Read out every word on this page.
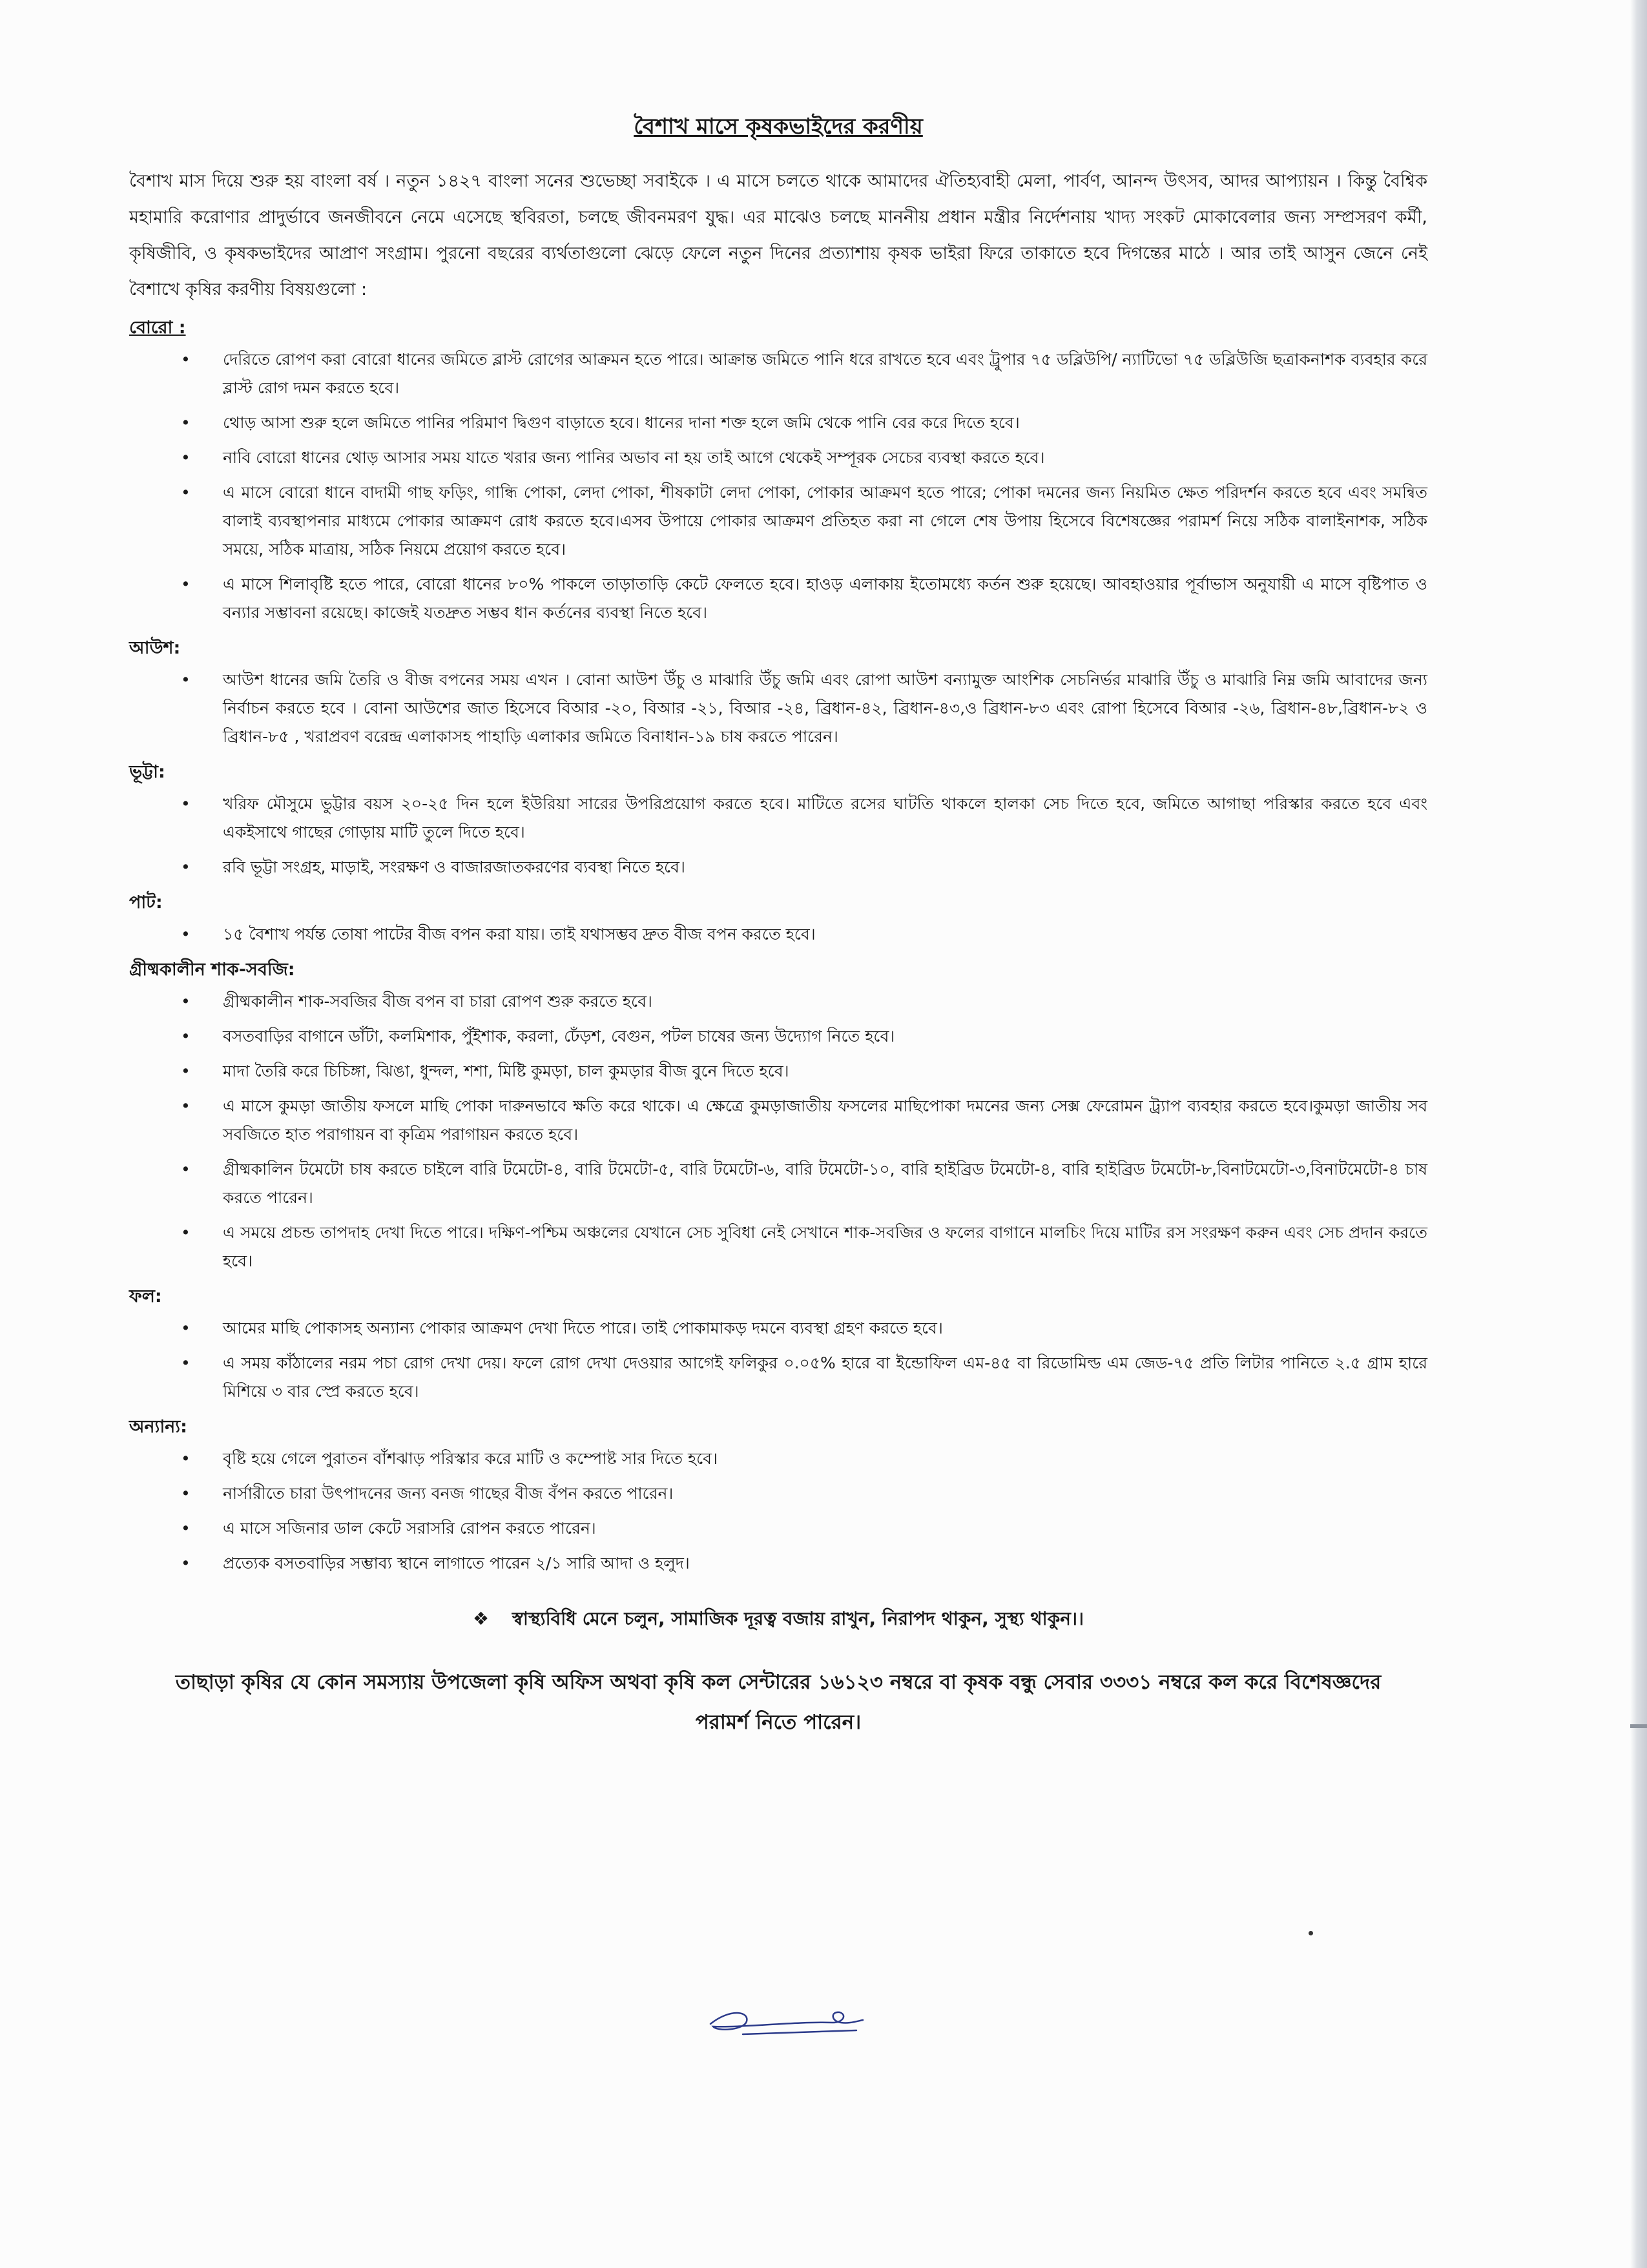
বৈশাখ মাসে কৃষকভাইদের করণীয়

বৈশাখ মাস দিয়ে শুরু হয় বাংলা বর্ষ । নতুন ১৪২৭ বাংলা সনের শুভেচ্ছা সবাইকে । এ মাসে চলতে থাকে আমাদের ঐতিহ্যবাহী মেলা, পার্বণ, আনন্দ উৎসব, আদর আপ্যায়ন । কিন্তু বৈশ্বিক মহামারি করোণার প্রাদুর্ভাবে জনজীবনে নেমে এসেছে স্থবিরতা, চলছে জীবনমরণ যুদ্ধ। এর মাঝেও চলছে মাননীয় প্রধান মন্ত্রীর নির্দেশনায় খাদ্য সংকট মোকাবেলার জন্য সম্প্রসরণ কর্মী, কৃষিজীবি, ও কৃষকভাইদের আপ্রাণ সংগ্রাম। পুরনো বছরের ব্যর্থতাগুলো ঝেড়ে ফেলে নতুন দিনের প্রত্যাশায় কৃষক ভাইরা ফিরে তাকাতে হবে দিগন্তের মাঠে । আর তাই আসুন জেনে নেই বৈশাখে কৃষির করণীয় বিষয়গুলো :

বোরো :

• দেরিতে রোপণ করা বোরো ধানের জমিতে ব্লাস্ট রোগের আক্রমন হতে পারে। আক্রান্ত জমিতে পানি ধরে রাখতে হবে এবং ট্রুপার ৭৫ ডব্লিউপি/ ন্যাটিভো ৭৫ ডব্লিউজি ছত্রাকনাশক ব্যবহার করে ব্লাস্ট রোগ দমন করতে হবে।
• থোড় আসা শুরু হলে জমিতে পানির পরিমাণ দ্বিগুণ বাড়াতে হবে। ধানের দানা শক্ত হলে জমি থেকে পানি বের করে দিতে হবে।
• নাবি বোরো ধানের থোড় আসার সময় যাতে খরার জন্য পানির অভাব না হয় তাই আগে থেকেই সম্পূরক সেচের ব্যবস্থা করতে হবে।
• এ মাসে বোরো ধানে বাদামী গাছ ফড়িং, গান্ধি পোকা, লেদা পোকা, শীষকাটা লেদা পোকা, পোকার আক্রমণ হতে পারে; পোকা দমনের জন্য নিয়মিত ক্ষেত পরিদর্শন করতে হবে এবং সমন্বিত বালাই ব্যবস্থাপনার মাধ্যমে পোকার আক্রমণ রোধ করতে হবে।এসব উপায়ে পোকার আক্রমণ প্রতিহত করা না গেলে শেষ উপায় হিসেবে বিশেষজ্ঞের পরামর্শ নিয়ে সঠিক বালাইনাশক, সঠিক সময়ে, সঠিক মাত্রায়, সঠিক নিয়মে প্রয়োগ করতে হবে।
• এ মাসে শিলাবৃষ্টি হতে পারে, বোরো ধানের ৮০% পাকলে তাড়াতাড়ি কেটে ফেলতে হবে। হাওড় এলাকায় ইতোমধ্যে কর্তন শুরু হয়েছে। আবহাওয়ার পূর্বাভাস অনুযায়ী এ মাসে বৃষ্টিপাত ও বন্যার সম্ভাবনা রয়েছে। কাজেই যতদ্রুত সম্ভব ধান কর্তনের ব্যবস্থা নিতে হবে।

আউশ:

• আউশ ধানের জমি তৈরি ও বীজ বপনের সময় এখন । বোনা আউশ উঁচু ও মাঝারি উঁচু জমি এবং রোপা আউশ বন্যামুক্ত আংশিক সেচনির্ভর মাঝারি উঁচু ও মাঝারি নিম্ন জমি আবাদের জন্য নির্বাচন করতে হবে । বোনা আউশের জাত হিসেবে বিআর -২০, বিআর -২১, বিআর -২৪, ব্রিধান-৪২, ব্রিধান-৪৩,ও ব্রিধান-৮৩ এবং রোপা হিসেবে বিআর -২৬, ব্রিধান-৪৮,ব্রিধান-৮২ ও ব্রিধান-৮৫ , খরাপ্রবণ বরেন্দ্র এলাকাসহ পাহাড়ি এলাকার জমিতে বিনাধান-১৯ চাষ করতে পারেন।

ভূট্টা:

• খরিফ মৌসুমে ভুট্টার বয়স ২০-২৫ দিন হলে ইউরিয়া সারের উপরিপ্রয়োগ করতে হবে। মাটিতে রসের ঘাটতি থাকলে হালকা সেচ দিতে হবে, জমিতে আগাছা পরিস্কার করতে হবে এবং একইসাথে গাছের গোড়ায় মাটি তুলে দিতে হবে।
• রবি ভূট্টা সংগ্রহ, মাড়াই, সংরক্ষণ ও বাজারজাতকরণের ব্যবস্থা নিতে হবে।

পাট:

• ১৫ বৈশাখ পর্যন্ত তোষা পাটের বীজ বপন করা যায়। তাই যথাসম্ভব দ্রুত বীজ বপন করতে হবে।

গ্রীষ্মকালীন শাক-সবজি:

• গ্রীষ্মকালীন শাক-সবজির বীজ বপন বা চারা রোপণ শুরু করতে হবে।
• বসতবাড়ির বাগানে ডাঁটা, কলমিশাক, পুঁইশাক, করলা, ঢেঁড়শ, বেগুন, পটল চাষের জন্য উদ্যোগ নিতে হবে।
• মাদা তৈরি করে চিচিঙ্গা, ঝিঙা, ধুন্দল, শশা, মিষ্টি কুমড়া, চাল কুমড়ার বীজ বুনে দিতে হবে।
• এ মাসে কুমড়া জাতীয় ফসলে মাছি পোকা দারুনভাবে ক্ষতি করে থাকে। এ ক্ষেত্রে কুমড়াজাতীয় ফসলের মাছিপোকা দমনের জন্য সেক্স ফেরোমন ট্র্যাপ ব্যবহার করতে হবে।কুমড়া জাতীয় সব সবজিতে হাত পরাগায়ন বা কৃত্রিম পরাগায়ন করতে হবে।
• গ্রীষ্মকালিন টমেটো চাষ করতে চাইলে বারি টমেটো-৪, বারি টমেটো-৫, বারি টমেটো-৬, বারি টমেটো-১০, বারি হাইব্রিড টমেটো-৪, বারি হাইব্রিড টমেটো-৮,বিনাটমেটো-৩,বিনাটমেটো-৪ চাষ করতে পারেন।
• এ সময়ে প্রচন্ড তাপদাহ দেখা দিতে পারে। দক্ষিণ-পশ্চিম অঞ্চলের যেখানে সেচ সুবিধা নেই সেখানে শাক-সবজির ও ফলের বাগানে মালচিং দিয়ে মাটির রস সংরক্ষণ করুন এবং সেচ প্রদান করতে হবে।

ফল:

• আমের মাছি পোকাসহ অন্যান্য পোকার আক্রমণ দেখা দিতে পারে। তাই পোকামাকড় দমনে ব্যবস্থা গ্রহণ করতে হবে।
• এ সময় কাঁঠালের নরম পচা রোগ দেখা দেয়। ফলে রোগ দেখা দেওয়ার আগেই ফলিকুর ০.০৫% হারে বা ইন্ডোফিল এম-৪৫ বা রিডোমিল্ড এম জেড-৭৫ প্রতি লিটার পানিতে ২.৫ গ্রাম হারে মিশিয়ে ৩ বার স্প্রে করতে হবে।

অন্যান্য:

• বৃষ্টি হয়ে গেলে পুরাতন বাঁশঝাড় পরিস্কার করে মাটি ও কম্পোষ্ট সার দিতে হবে।
• নার্সারীতে চারা উৎপাদনের জন্য বনজ গাছের বীজ বঁপন করতে পারেন।
• এ মাসে সজিনার ডাল কেটে সরাসরি রোপন করতে পারেন।
• প্রত্যেক বসতবাড়ির সম্ভাব্য স্থানে লাগাতে পারেন ২/১ সারি আদা ও হলুদ।
❖ স্বাস্থ্যবিধি মেনে চলুন, সামাজিক দূরত্ব বজায় রাখুন, নিরাপদ থাকুন, সুস্থ্য থাকুন।।
তাছাড়া কৃষির যে কোন সমস্যায় উপজেলা কৃষি অফিস অথবা কৃষি কল সেন্টারের ১৬১২৩ নম্বরে বা কৃষক বন্ধু সেবার ৩৩৩১ নম্বরে কল করে বিশেষজ্ঞদের পরামর্শ নিতে পারেন।
